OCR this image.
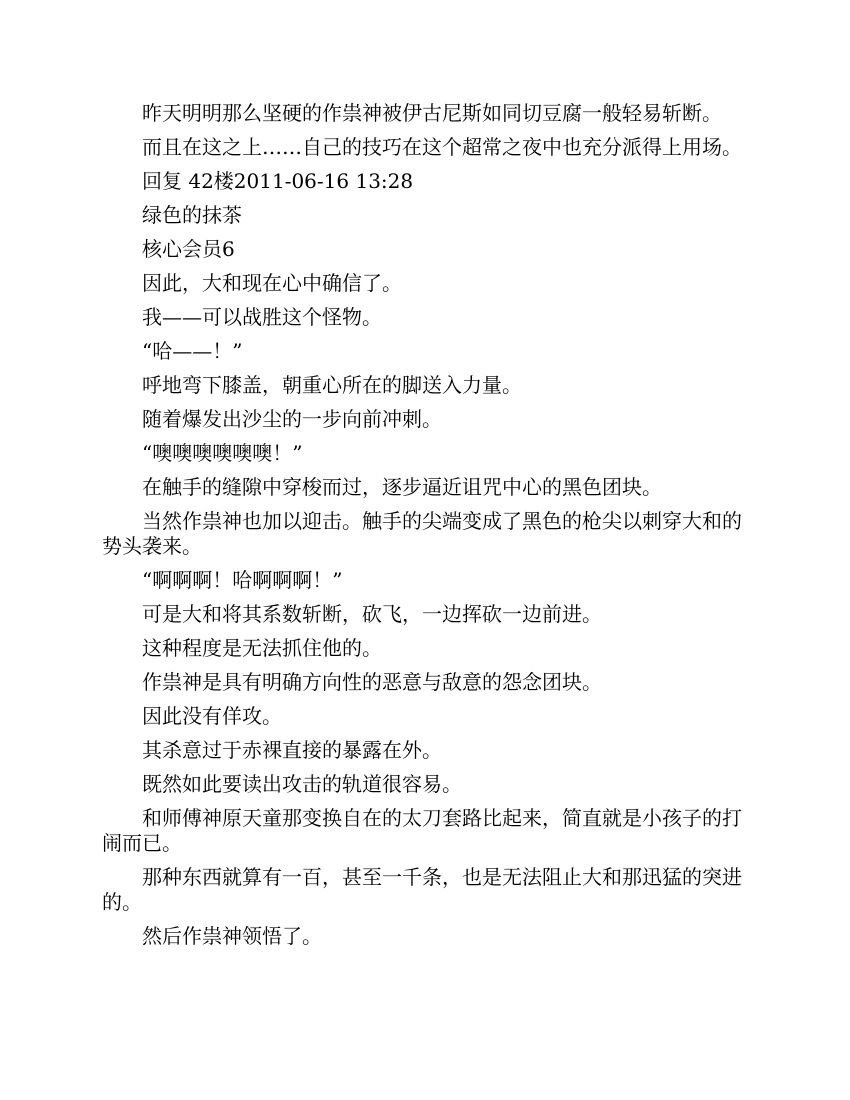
昨天明明那么坚硬的作祟神被伊古尼斯如同切豆腐一般轻易斩断。

而且在这之上……自己的技巧在这个超常之夜中也充分派得上用场。

回复 42楼2011-06-16 13:28

绿色的抹茶

核心会员6

因此，大和现在心中确信了。

我——可以战胜这个怪物。

“哈——！”

呼地弯下膝盖，朝重心所在的脚送入力量。

随着爆发出沙尘的一步向前冲刺。

“噢噢噢噢噢噢！”

在触手的缝隙中穿梭而过，逐步逼近诅咒中心的黑色团块。

当然作祟神也加以迎击。触手的尖端变成了黑色的枪尖以刺穿大和的势头袭来。

“啊啊啊！哈啊啊啊！”

可是大和将其系数斩断，砍飞，一边挥砍一边前进。

这种程度是无法抓住他的。

作祟神是具有明确方向性的恶意与敌意的怨念团块。

因此没有佯攻。

其杀意过于赤裸直接的暴露在外。

既然如此要读出攻击的轨道很容易。

和师傅神原天童那变换自在的太刀套路比起来，简直就是小孩子的打闹而已。

那种东西就算有一百，甚至一千条，也是无法阻止大和那迅猛的突进的。

然后作祟神领悟了。
